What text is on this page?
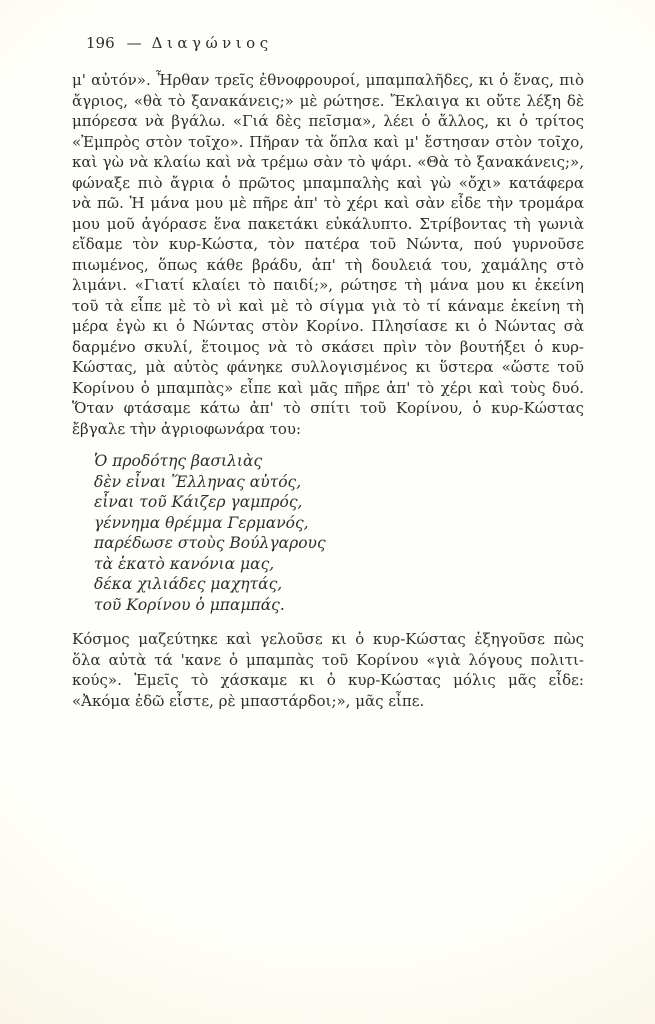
196 — Διαγώνιος
μ' αὐτόν». Ἦρθαν τρεῖς ἐθνοφρουροί, μπαμπαλῆδες, κι ὁ ἕνας, πιὸ
ἄγριος, «θὰ τὸ ξανακάνεις;» μὲ ρώτησε. Ἔκλαιγα κι οὔτε λέξη δὲ
μπόρεσα νὰ βγάλω. «Γιά δὲς πεῖσμα», λέει ὁ ἄλλος, κι ὁ τρίτος
«Ἐμπρὸς στὸν τοῖχο». Πῆραν τὰ ὅπλα καὶ μ' ἔστησαν στὸν τοῖχο,
καὶ γὼ νὰ κλαίω καὶ νὰ τρέμω σὰν τὸ ψάρι. «Θὰ τὸ ξανακάνεις;»,
φώναξε πιὸ ἄγρια ὁ πρῶτος μπαμπαλὴς καὶ γὼ «ὄχι» κατάφερα
νὰ πῶ. Ἡ μάνα μου μὲ πῆρε ἀπ' τὸ χέρι καὶ σὰν εἶδε τὴν τρομάρα
μου μοῦ ἀγόρασε ἕνα πακετάκι εὐκάλυπτο. Στρίβοντας τὴ γωνιὰ
εἴδαμε τὸν κυρ-Κώστα, τὸν πατέρα τοῦ Νώντα, πού γυρνοῦσε
πιωμένος, ὅπως κάθε βράδυ, ἀπ' τὴ δουλειά του, χαμάλης στὸ
λιμάνι. «Γιατί κλαίει τὸ παιδί;», ρώτησε τὴ μάνα μου κι ἐκείνη
τοῦ τὰ εἶπε μὲ τὸ νὶ καὶ μὲ τὸ σίγμα γιὰ τὸ τί κάναμε ἐκείνη τὴ
μέρα ἐγὼ κι ὁ Νώντας στὸν Κορίνο. Πλησίασε κι ὁ Νώντας σὰ
δαρμένο σκυλί, ἕτοιμος νὰ τὸ σκάσει πρὶν τὸν βουτήξει ὁ κυρ-
Κώστας, μὰ αὐτὸς φάνηκε συλλογισμένος κι ὕστερα «ὥστε τοῦ
Κορίνου ὁ μπαμπὰς» εἶπε καὶ μᾶς πῆρε ἀπ' τὸ χέρι καὶ τοὺς δυό.
Ὅταν φτάσαμε κάτω ἀπ' τὸ σπίτι τοῦ Κορίνου, ὁ κυρ-Κώστας
ἔβγαλε τὴν ἀγριοφωνάρα του:
Ὁ προδότης βασιλιὰς
δὲν εἶναι Ἕλληνας αὐτός,
εἶναι τοῦ Κάιζερ γαμπρός,
γέννημα θρέμμα Γερμανός,
παρέδωσε στοὺς Βούλγαρους
τὰ ἑκατὸ κανόνια μας,
δέκα χιλιάδες μαχητάς,
τοῦ Κορίνου ὁ μπαμπάς.
Κόσμος μαζεύτηκε καὶ γελοῦσε κι ὁ κυρ-Κώστας ἐξηγοῦσε πὼς
ὅλα αὐτὰ τά 'κανε ὁ μπαμπὰς τοῦ Κορίνου «γιὰ λόγους πολιτι-
κούς». Ἐμεῖς τὸ χάσκαμε κι ὁ κυρ-Κώστας μόλις μᾶς εἶδε:
«Ἀκόμα ἐδῶ εἶστε, ρὲ μπαστάρδοι;», μᾶς εἶπε.
